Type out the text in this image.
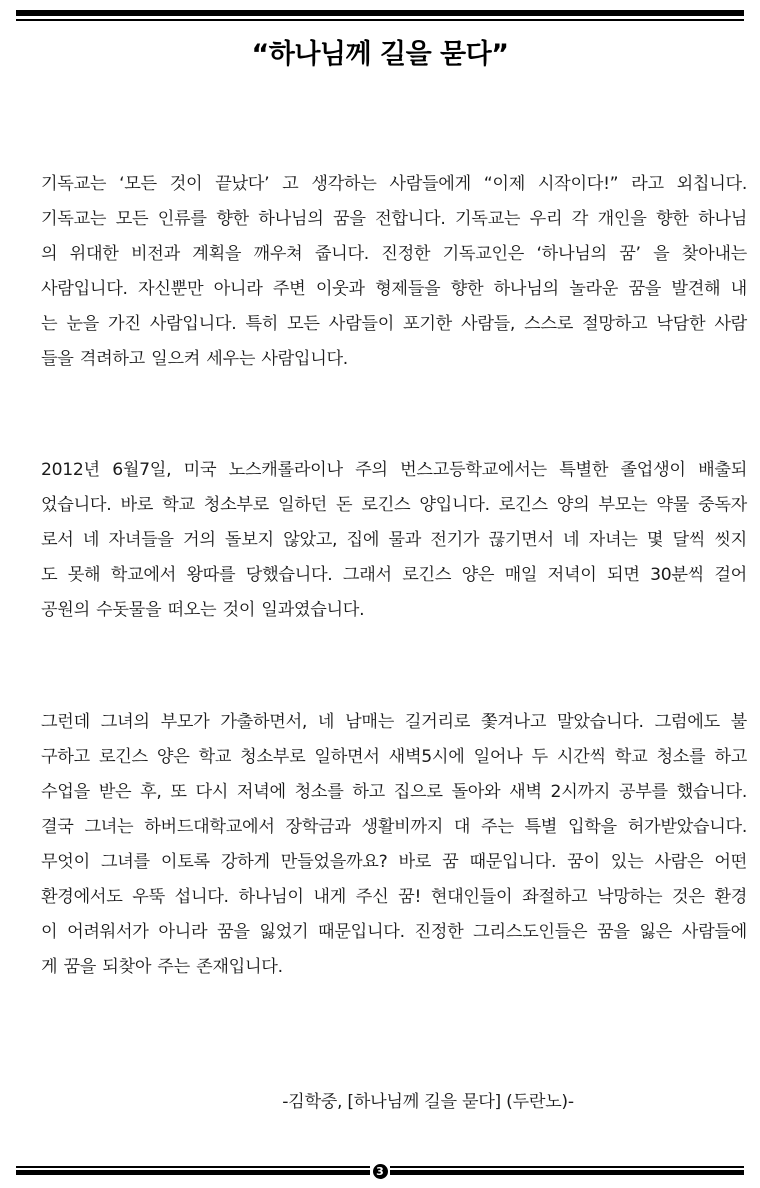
“하나님께 길을 묻다”
기독교는 ‘모든 것이 끝났다’ 고 생각하는 사람들에게 “이제 시작이다!” 라고 외칩니다.
기독교는 모든 인류를 향한 하나님의 꿈을 전합니다. 기독교는 우리 각 개인을 향한 하나님
의 위대한 비전과 계획을 깨우쳐 줍니다. 진정한 기독교인은 ‘하나님의 꿈’ 을 찾아내는
사람입니다. 자신뿐만 아니라 주변 이웃과 형제들을 향한 하나님의 놀라운 꿈을 발견해 내
는 눈을 가진 사람입니다. 특히 모든 사람들이 포기한 사람들, 스스로 절망하고 낙담한 사람
들을 격려하고 일으켜 세우는 사람입니다.
2012년 6월7일, 미국 노스캐롤라이나 주의 번스고등학교에서는 특별한 졸업생이 배출되
었습니다. 바로 학교 청소부로 일하던 돈 로긴스 양입니다. 로긴스 양의 부모는 약물 중독자
로서 네 자녀들을 거의 돌보지 않았고, 집에 물과 전기가 끊기면서 네 자녀는 몇 달씩 씻지
도 못해 학교에서 왕따를 당했습니다. 그래서 로긴스 양은 매일 저녁이 되면 30분씩 걸어
공원의 수돗물을 떠오는 것이 일과였습니다.
그런데 그녀의 부모가 가출하면서, 네 남매는 길거리로 쫓겨나고 말았습니다. 그럼에도 불
구하고 로긴스 양은 학교 청소부로 일하면서 새벽5시에 일어나 두 시간씩 학교 청소를 하고
수업을 받은 후, 또 다시 저녁에 청소를 하고 집으로 돌아와 새벽 2시까지 공부를 했습니다.
결국 그녀는 하버드대학교에서 장학금과 생활비까지 대 주는 특별 입학을 허가받았습니다.
무엇이 그녀를 이토록 강하게 만들었을까요? 바로 꿈 때문입니다. 꿈이 있는 사람은 어떤
환경에서도 우뚝 섭니다. 하나님이 내게 주신 꿈! 현대인들이 좌절하고 낙망하는 것은 환경
이 어려워서가 아니라 꿈을 잃었기 때문입니다. 진정한 그리스도인들은 꿈을 잃은 사람들에
게 꿈을 되찾아 주는 존재입니다.
-김학중, [하나님께 길을 묻다] (두란노)-
3
